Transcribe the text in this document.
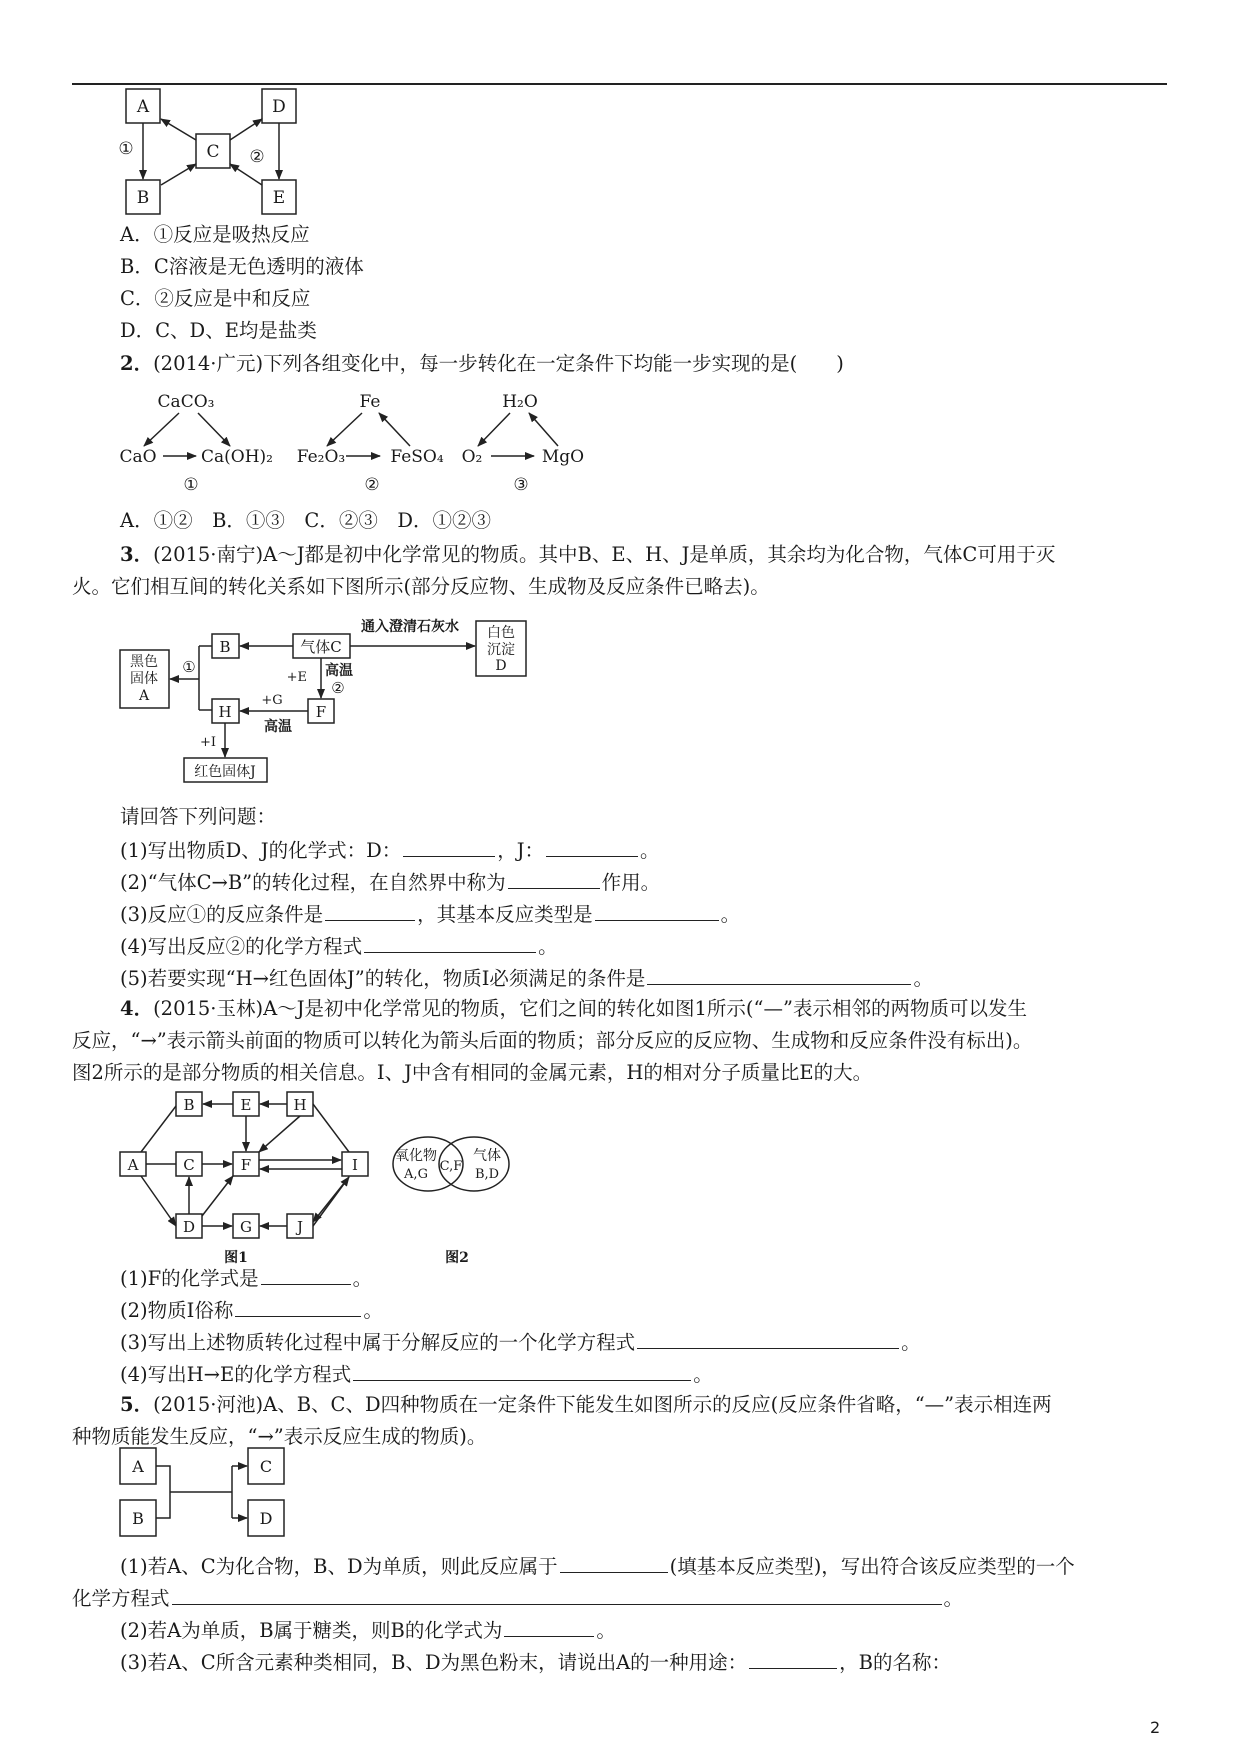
A
B
C
D
E
①	②
A．①反应是吸热反应
B．C溶液是无色透明的液体
C．②反应是中和反应
D．C、D、E均是盐类
2．(2014·广元)下列各组变化中，每一步转化在一定条件下均能一步实现的是(　　)
CaCO₃
CaO	Ca(OH)₂
①
Fe
Fe₂O₃	FeSO₄
②
H₂O
O₂	MgO
③
A．①②　B．①③　C．②③　D．①②③
3．(2015·南宁)A～J都是初中化学常见的物质。其中B、E、H、J是单质，其余均为化合物，气体C可用于灭
火。它们相互间的转化关系如下图所示(部分反应物、生成物及反应条件已略去)。
黑色
固体
A
B	气体C
白色
沉淀
D
通入澄清石灰水
①
+E 高温
②
F
H
+G
高温
+I
红色固体J
请回答下列问题：
(1)写出物质D、J的化学式：D：	，J：	。
(2)“气体C→B”的转化过程，在自然界中称为	作用。
(3)反应①的反应条件是	，其基本反应类型是	。
(4)写出反应②的化学方程式	。
(5)若要实现“H→红色固体J”的转化，物质I必须满足的条件是	。
4．(2015·玉林)A～J是初中化学常见的物质，它们之间的转化如图1所示(“—”表示相邻的两物质可以发生
反应，“→”表示箭头前面的物质可以转化为箭头后面的物质；部分反应的反应物、生成物和反应条件没有标出)。
图2所示的是部分物质的相关信息。I、J中含有相同的金属元素，H的相对分子质量比E的大。
A
B
C
D
E
F
G
H
I
J
图1
氧化物
A,G
C,F
气体
B,D
图2
(1)F的化学式是	。
(2)物质I俗称	。
(3)写出上述物质转化过程中属于分解反应的一个化学方程式	。
(4)写出H→E的化学方程式	。
5．(2015·河池)A、B、C、D四种物质在一定条件下能发生如图所示的反应(反应条件省略，“—”表示相连两
种物质能发生反应，“→”表示反应生成的物质)。
A
B
C
D
(1)若A、C为化合物，B、D为单质，则此反应属于	(填基本反应类型)，写出符合该反应类型的一个
化学方程式	。
(2)若A为单质，B属于糖类，则B的化学式为	。
(3)若A、C所含元素种类相同，B、D为黑色粉末，请说出A的一种用途：	，B的名称：
2
